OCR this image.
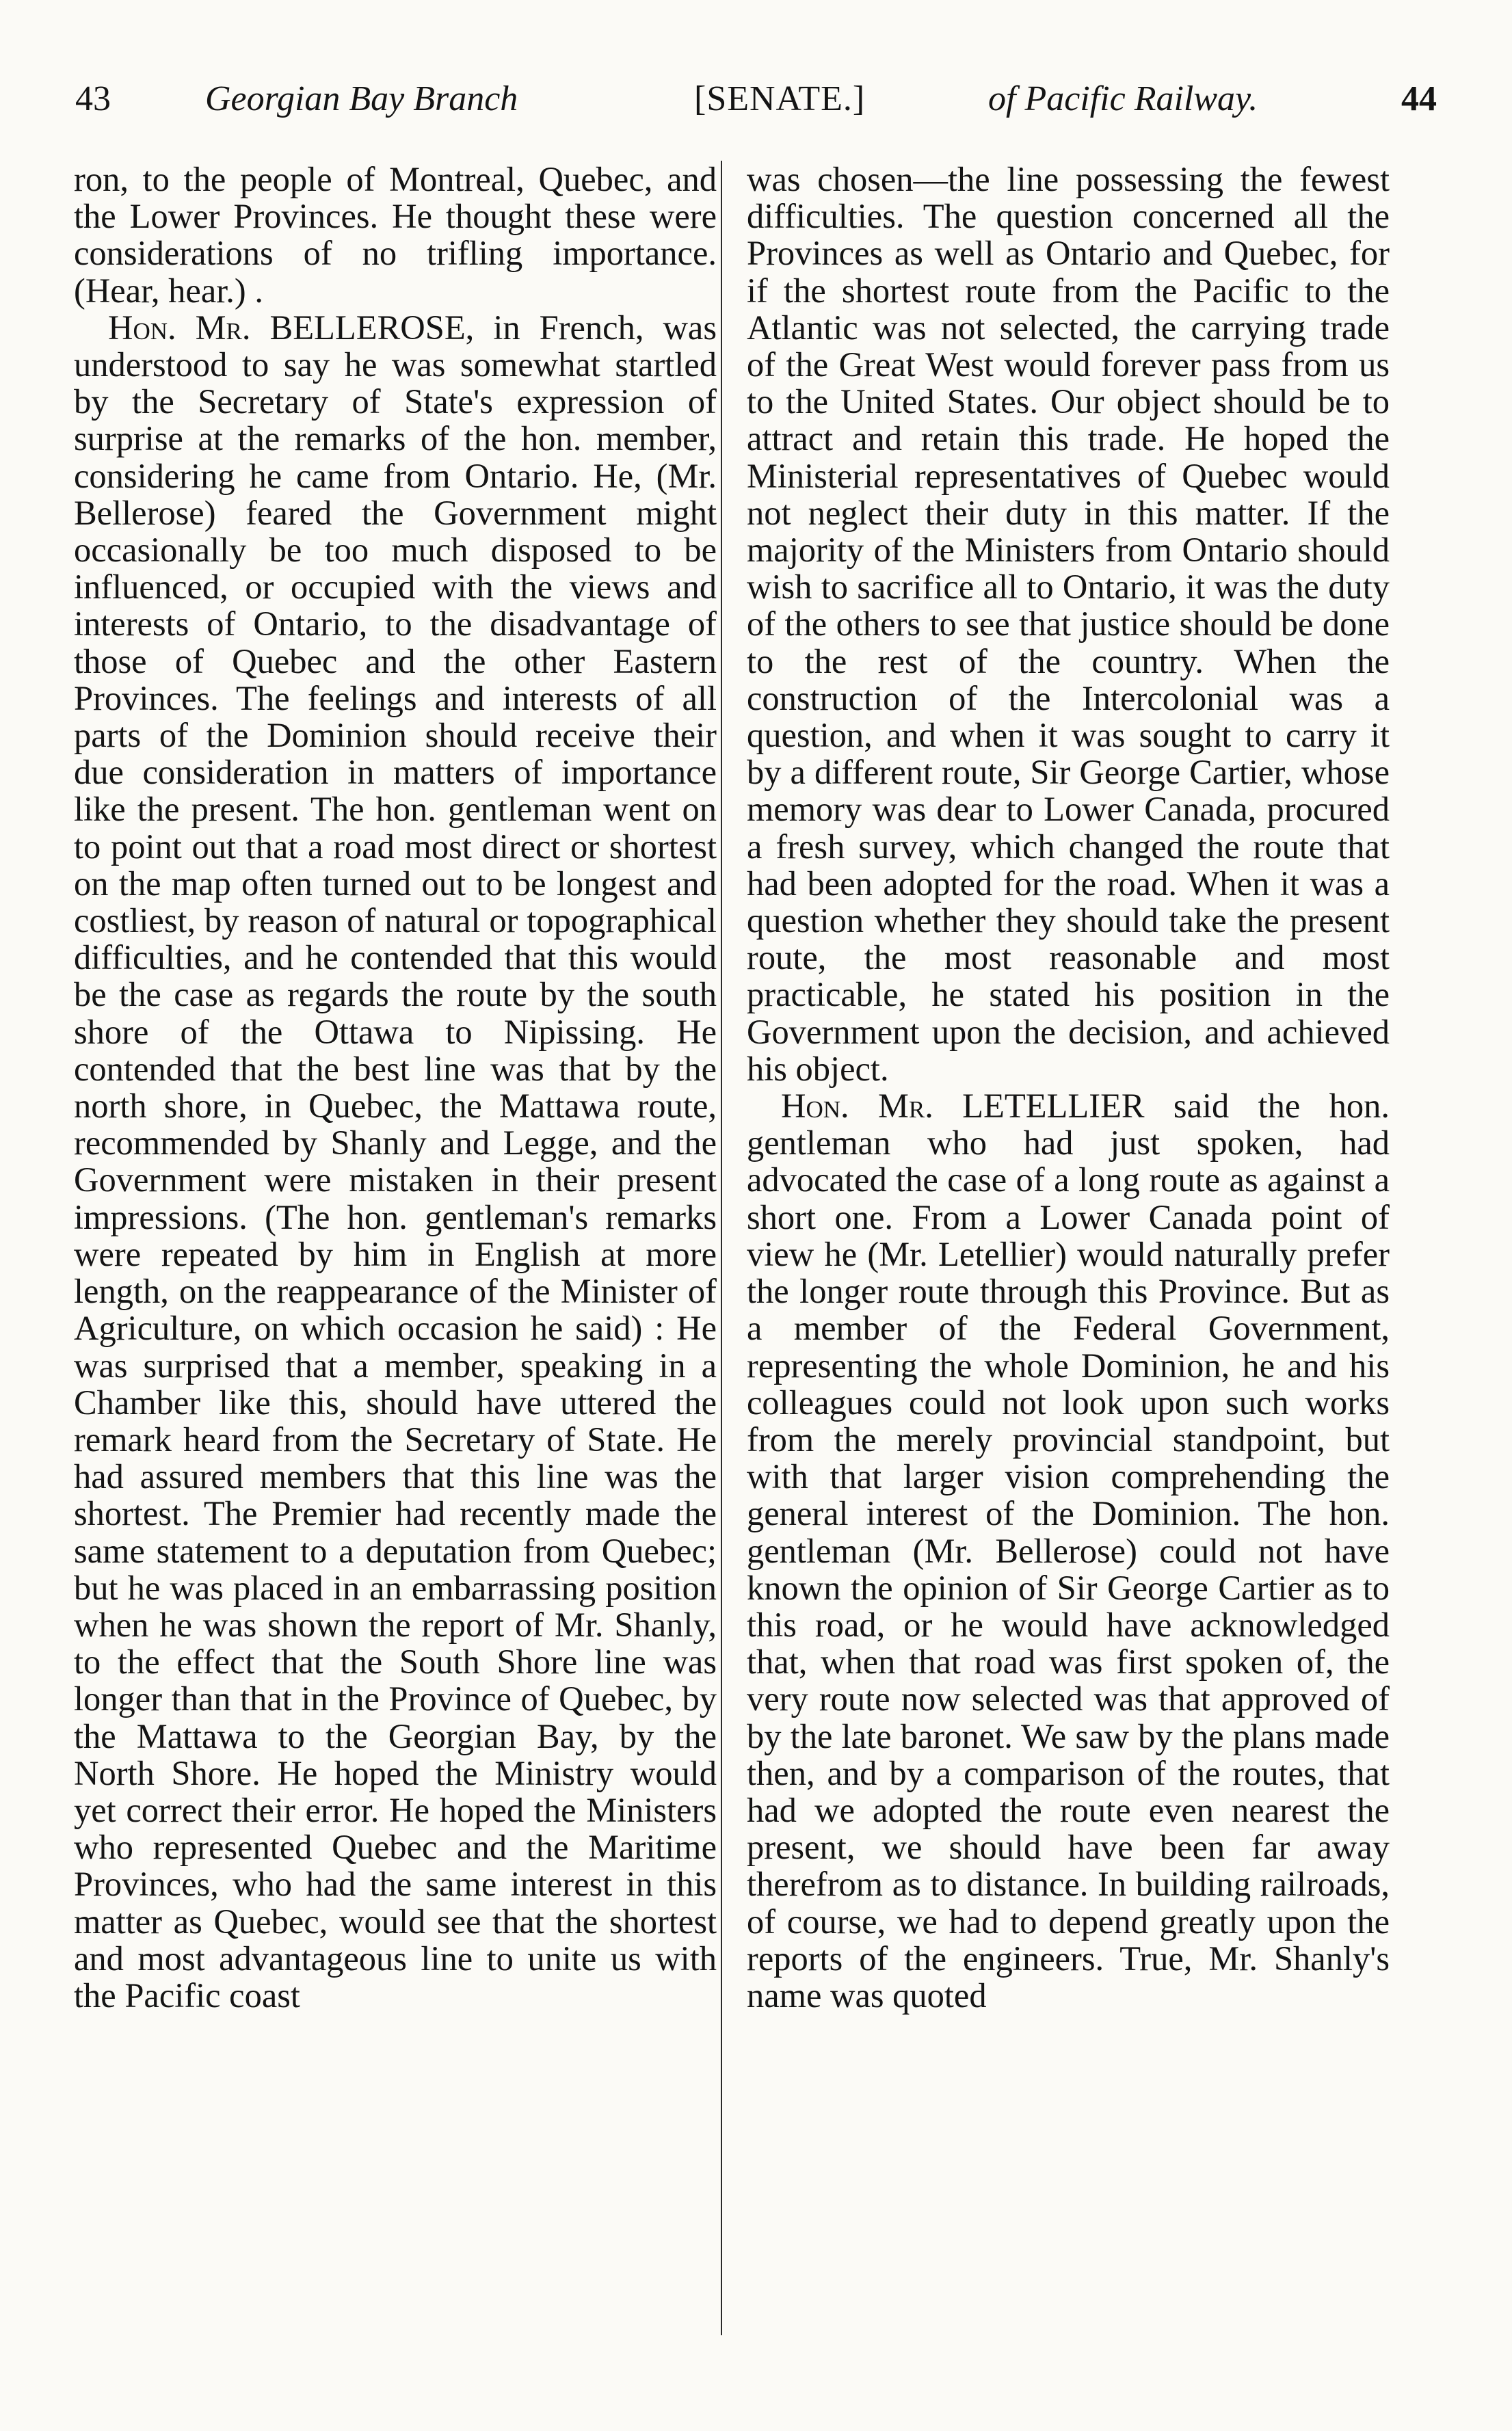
43	Georgian Bay Branch	[SENATE.]	of Pacific Railway.	44

ron, to the people of Montreal, Quebec, and the Lower Provinces. He thought these were considerations of no trifling importance. (Hear, hear.) .

Hon. Mr. BELLEROSE, in French, was understood to say he was somewhat startled by the Secretary of State's expression of surprise at the remarks of the hon. member, considering he came from Ontario. He, (Mr. Bellerose) feared the Government might occasionally be too much disposed to be influenced, or occupied with the views and interests of Ontario, to the disadvantage of those of Quebec and the other Eastern Provinces. The feelings and interests of all parts of the Dominion should receive their due consideration in matters of importance like the present. The hon. gentleman went on to point out that a road most direct or shortest on the map often turned out to be longest and costliest, by reason of natural or topographical difficulties, and he contended that this would be the case as regards the route by the south shore of the Ottawa to Nipissing. He contended that the best line was that by the north shore, in Quebec, the Mattawa route, recommended by Shanly and Legge, and the Government were mistaken in their present impressions. (The hon. gentleman's remarks were repeated by him in English at more length, on the reappearance of the Minister of Agriculture, on which occasion he said) : He was surprised that a member, speaking in a Chamber like this, should have uttered the remark heard from the Secretary of State. He had assured members that this line was the shortest. The Premier had recently made the same statement to a deputation from Quebec; but he was placed in an embarrassing position when he was shown the report of Mr. Shanly, to the effect that the South Shore line was longer than that in the Province of Quebec, by the Mattawa to the Georgian Bay, by the North Shore. He hoped the Ministry would yet correct their error. He hoped the Ministers who represented Quebec and the Maritime Provinces, who had the same interest in this matter as Quebec, would see that the shortest and most advantageous line to unite us with the Pacific coast

was chosen—the line possessing the fewest difficulties. The question concerned all the Provinces as well as Ontario and Quebec, for if the shortest route from the Pacific to the Atlantic was not selected, the carrying trade of the Great West would forever pass from us to the United States. Our object should be to attract and retain this trade. He hoped the Ministerial representatives of Quebec would not neglect their duty in this matter. If the majority of the Ministers from Ontario should wish to sacrifice all to Ontario, it was the duty of the others to see that justice should be done to the rest of the country. When the construction of the Intercolonial was a question, and when it was sought to carry it by a different route, Sir George Cartier, whose memory was dear to Lower Canada, procured a fresh survey, which changed the route that had been adopted for the road. When it was a question whether they should take the present route, the most reasonable and most practicable, he stated his position in the Government upon the decision, and achieved his object.

Hon. Mr. LETELLIER said the hon. gentleman who had just spoken, had advocated the case of a long route as against a short one. From a Lower Canada point of view he (Mr. Letellier) would naturally prefer the longer route through this Province. But as a member of the Federal Government, representing the whole Dominion, he and his colleagues could not look upon such works from the merely provincial standpoint, but with that larger vision comprehending the general interest of the Dominion. The hon. gentleman (Mr. Bellerose) could not have known the opinion of Sir George Cartier as to this road, or he would have acknowledged that, when that road was first spoken of, the very route now selected was that approved of by the late baronet. We saw by the plans made then, and by a comparison of the routes, that had we adopted the route even nearest the present, we should have been far away therefrom as to distance. In building railroads, of course, we had to depend greatly upon the reports of the engineers. True, Mr. Shanly's name was quoted
